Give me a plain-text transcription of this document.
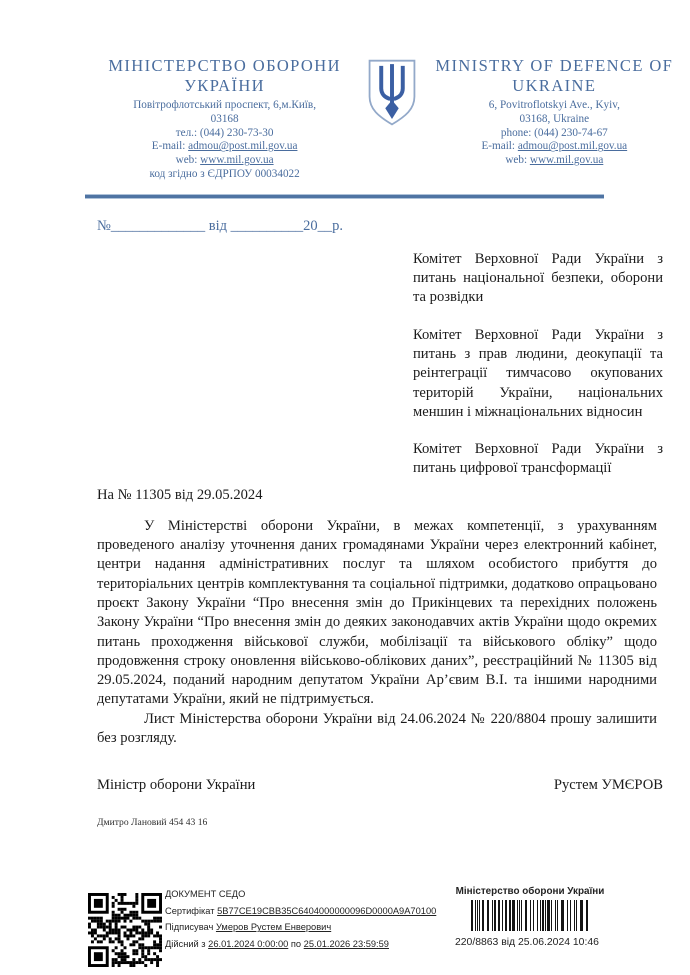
МІНІСТЕРСТВО ОБОРОНИ УКРАЇНИ
Повітрофлотський проспект, 6,м.Київ,
03168
тел.: (044) 230-73-30
E-mail: admou@post.mil.gov.ua
web: www.mil.gov.ua
код згідно з ЄДРПОУ 00034022
MINISTRY OF DEFENCE OF UKRAINE
6, Povitroflotskyi Ave., Kyiv,
03168, Ukraine
phone: (044) 230-74-67
E-mail: admou@post.mil.gov.ua
web: www.mil.gov.ua
№_____________ від __________20__р.

Комітет Верховної Ради України з питань національної безпеки, оборони та розвідки

Комітет Верховної Ради України з питань з прав людини, деокупації та реінтеграції тимчасово окупованих територій України, національних меншин і міжнаціональних відносин

Комітет Верховної Ради України з питань цифрової трансформації

На № 11305 від 29.05.2024

У Міністерстві оборони України, в межах компетенції, з урахуванням проведеного аналізу уточнення даних громадянами України через електронний кабінет, центри надання адміністративних послуг та шляхом особистого прибуття до територіальних центрів комплектування та соціальної підтримки, додатково опрацьовано проєкт Закону України “Про внесення змін до Прикінцевих та перехідних положень Закону України “Про внесення змін до деяких законодавчих актів України щодо окремих питань проходження військової служби, мобілізації та військового обліку” щодо продовження строку оновлення військово-облікових даних”, реєстраційний № 11305 від 29.05.2024, поданий народним депутатом України Ар’євим В.І. та іншими народними депутатами України, який не підтримується.

Лист Міністерства оборони України від 24.06.2024 № 220/8804 прошу залишити без розгляду.

Міністр оборони України	Рустем УМЄРОВ
Дмитро Лановий 454 43 16
ДОКУМЕНТ СЕДО
Сертифікат 5B77CE19CBB35C6404000000096D0000A9A70100
Підписувач Умеров Рустем Енверович
Дійсний з 26.01.2024 0:00:00 по 25.01.2026 23:59:59
Міністерство оборони України
220/8863 від 25.06.2024 10:46
